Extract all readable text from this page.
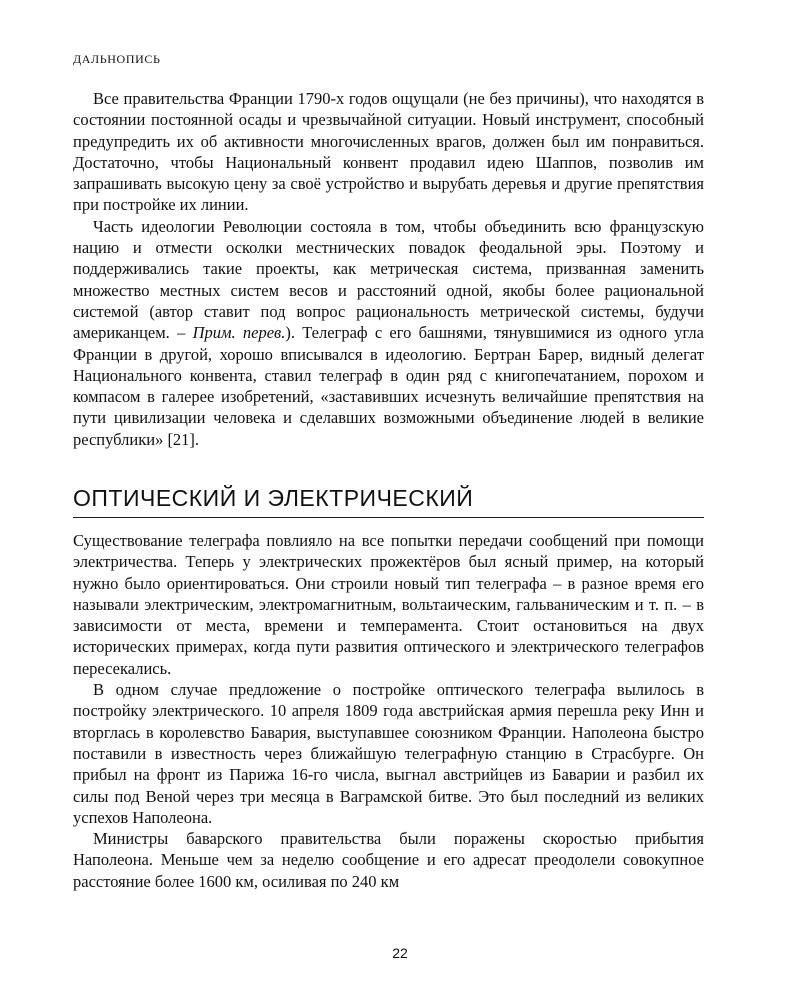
ДАЛЬНОПИСЬ

Все правительства Франции 1790-х годов ощущали (не без причины), что находятся в состоянии постоянной осады и чрезвычайной ситуации. Новый инструмент, способный предупредить их об активности многочисленных врагов, должен был им понравиться. Достаточно, чтобы Национальный конвент продавил идею Шаппов, позволив им запрашивать высокую цену за своё устройство и вырубать деревья и другие препятствия при постройке их линии.

Часть идеологии Революции состояла в том, чтобы объединить всю французскую нацию и отмести осколки местнических повадок феодальной эры. Поэтому и поддерживались такие проекты, как метрическая система, призванная заменить множество местных систем весов и расстояний одной, якобы более рациональной системой (автор ставит под вопрос рациональность метрической системы, будучи американцем. – Прим. перев.). Телеграф с его башнями, тянувшимися из одного угла Франции в другой, хорошо вписывался в идеологию. Бертран Барер, видный делегат Национального конвента, ставил телеграф в один ряд с книгопечатанием, порохом и компасом в галерее изобретений, «заставивших исчезнуть величайшие препятствия на пути цивилизации человека и сделавших возможными объединение людей в великие республики» [21].

ОПТИЧЕСКИЙ И ЭЛЕКТРИЧЕСКИЙ

Существование телеграфа повлияло на все попытки передачи сообщений при помощи электричества. Теперь у электрических прожектёров был ясный пример, на который нужно было ориентироваться. Они строили новый тип телеграфа – в разное время его называли электрическим, электромагнитным, вольтаическим, гальваническим и т. п. – в зависимости от места, времени и темперамента. Стоит остановиться на двух исторических примерах, когда пути развития оптического и электрического телеграфов пересекались.

В одном случае предложение о постройке оптического телеграфа вылилось в постройку электрического. 10 апреля 1809 года австрийская армия перешла реку Инн и вторглась в королевство Бавария, выступавшее союзником Франции. Наполеона быстро поставили в известность через ближайшую телеграфную станцию в Страсбурге. Он прибыл на фронт из Парижа 16-го числа, выгнал австрийцев из Баварии и разбил их силы под Веной через три месяца в Ваграмской битве. Это был последний из великих успехов Наполеона.

Министры баварского правительства были поражены скоростью прибытия Наполеона. Меньше чем за неделю сообщение и его адресат преодолели совокупное расстояние более 1600 км, осиливая по 240 км

22
